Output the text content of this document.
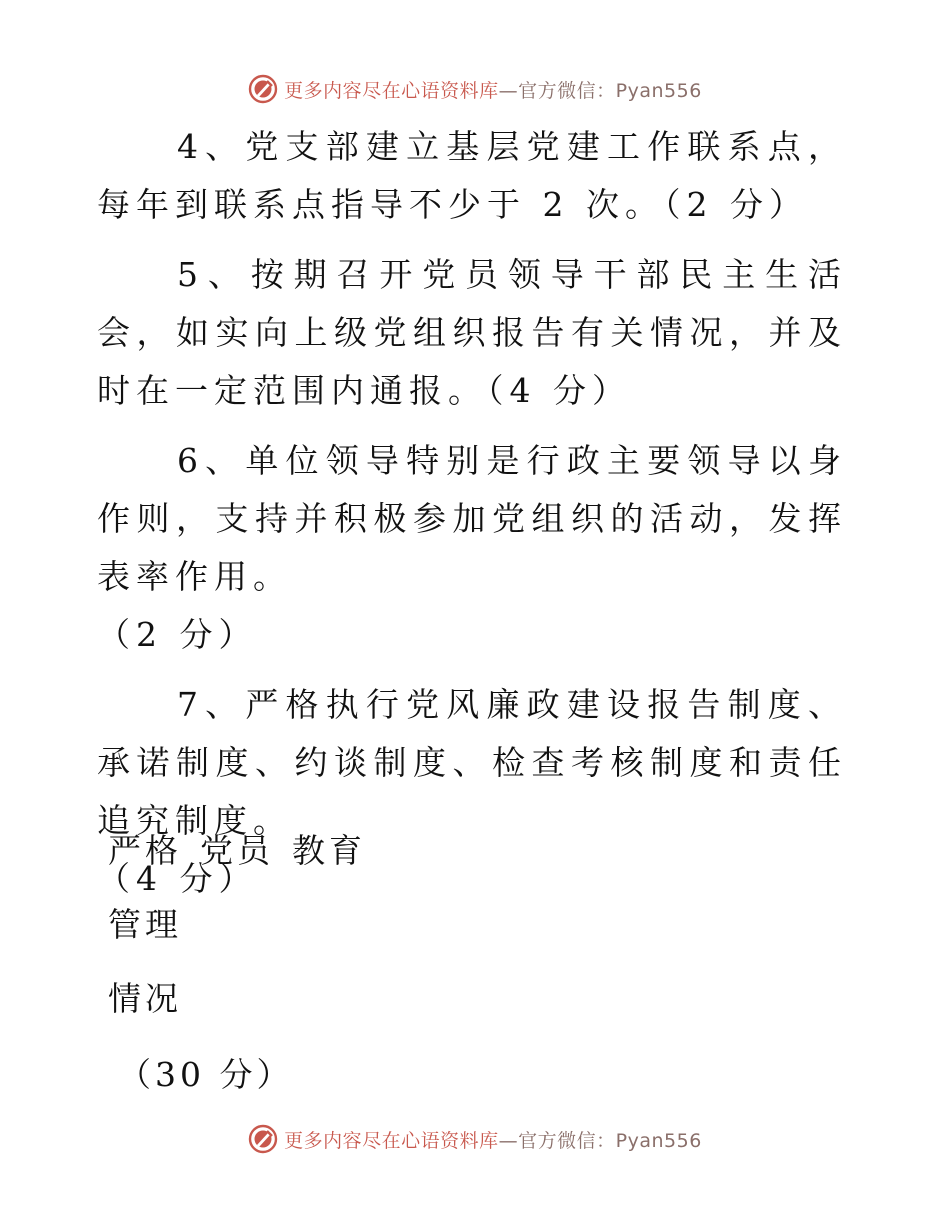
更多内容尽在心语资料库—官方微信：Pyan556

4、党支部建立基层党建工作联系点，每年到联系点指导不少于 2 次。（2 分）

5、按期召开党员领导干部民主生活会，如实向上级党组织报告有关情况，并及时在一定范围内通报。（4 分）

6、单位领导特别是行政主要领导以身作则，支持并积极参加党组织的活动，发挥表率作用。

（2 分）

7、严格执行党风廉政建设报告制度、承诺制度、约谈制度、检查考核制度和责任追究制度。

（4 分）
严格 党员 教育
管理
情况
（30 分）
更多内容尽在心语资料库—官方微信：Pyan556
